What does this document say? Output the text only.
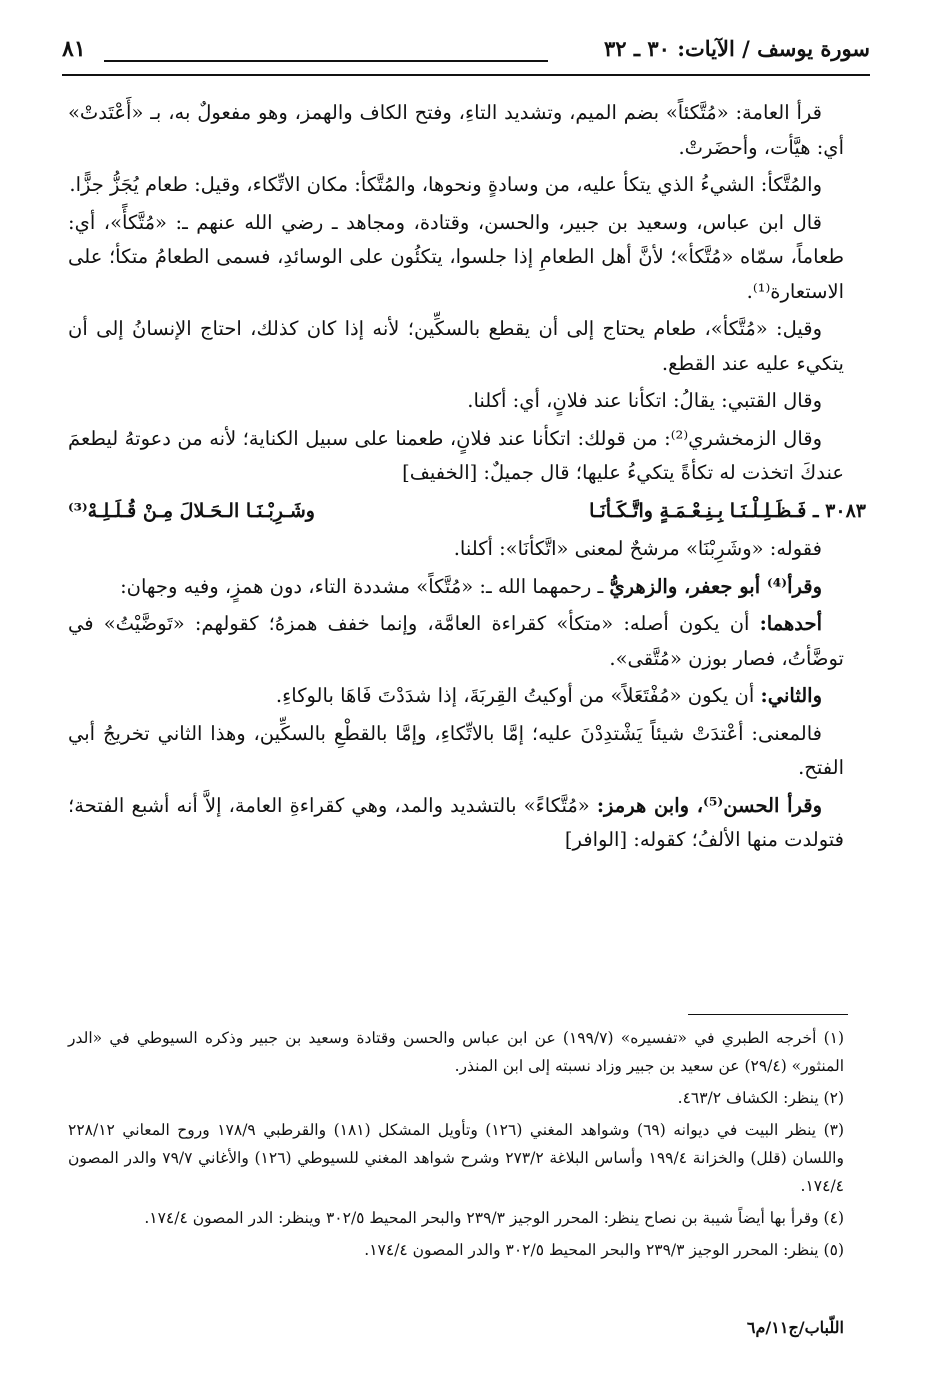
سورة يوسف / الآيات: ٣٠ ـ ٣٢
٨١

قرأ العامة: «مُتَّكئاً» بضم الميم، وتشديد التاءِ، وفتح الكاف والهمز، وهو مفعولٌ به، بـ «أَعْتَدتْ» أي: هيَّأت، وأحضَرتْ.

والمُتَّكأ: الشيءُ الذي يتكأ عليه، من وسادةٍ ونحوها، والمُتَّكأ: مكان الاتِّكاء، وقيل: طعام يُجَزُّ جزًّا.

قال ابن عباس، وسعيد بن جبير، والحسن، وقتادة، ومجاهد ـ رضي الله عنهم ـ: «مُتَّكأً»، أي: طعاماً، سمّاه «مُتَّكأ»؛ لأنَّ أهل الطعامِ إذا جلسوا، يتكئُون على الوسائدِ، فسمى الطعامُ متكأ؛ على الاستعارة⁽¹⁾.

وقيل: «مُتَّكأ»، طعام يحتاج إلى أن يقطع بالسكِّين؛ لأنه إذا كان كذلك، احتاج الإنسانُ إلى أن يتكيء عليه عند القطع.

وقال القتبي: يقالُ: اتكأنا عند فلانٍ، أي: أكلنا.

وقال الزمخشري⁽²⁾: من قولك: اتكأنا عند فلانٍ، طعمنا على سبيل الكناية؛ لأنه من دعوتهُ ليطعمَ عندكَ اتخذت له تكأةً يتكيءُ عليها؛ قال جميلٌ: [الخفيف]

٣٠٨٣ ـ فَـظَـلِـلْـنَـا بِـنِـعْـمَـةٍ واتَّـكَـأنَـا
وشَـرِبْـنَـا الـحَـلالَ مِـنْ قُـلَـلِـهْ⁽³⁾

فقوله: «وشَرِبْنَا» مرشحٌ لمعنى «اتَّكأنَا»: أكلنا.

وقرأ⁽⁴⁾ أبو جعفر، والزهريُّ ـ رحمهما الله ـ: «مُتَّكاً» مشددة التاء، دون همزٍ، وفيه وجهان:

أحدهما: أن يكون أصله: «متكأ» كقراءة العامَّة، وإنما خفف همزهُ؛ كقولهم: «تَوضَّيْتُ» في توضَّأتُ، فصار بوزن «مُتَّقى».

والثاني: أن يكون «مُفْتَعَلاً» من أوكيتُ القِربَةَ، إذا شدَدْتَ فَاهَا بالوكاءِ.

فالمعنى: أعْتدَتْ شيئاً يَشْتدِدْنَ عليه؛ إمَّا بالاتِّكاءِ، وإمَّا بالقطْعِ بالسكِّين، وهذا الثاني تخريجُ أبي الفتح.

وقرأ الحسن⁽⁵⁾، وابن هرمز: «مُتَّكاءً» بالتشديد والمد، وهي كقراءةِ العامة، إلاَّ أنه أشبع الفتحة؛ فتولدت منها الألفُ؛ كقوله: [الوافر]

(١) أخرجه الطبري في «تفسيره» (١٩٩/٧) عن ابن عباس والحسن وقتادة وسعيد بن جبير وذكره السيوطي في «الدر المنثور» (٢٩/٤) عن سعيد بن جبير وزاد نسبته إلى ابن المنذر.
(٢) ينظر: الكشاف ٤٦٣/٢.
(٣) ينظر البيت في ديوانه (٦٩) وشواهد المغني (١٢٦) وتأويل المشكل (١٨١) والقرطبي ١٧٨/٩ وروح المعاني ٢٢٨/١٢ واللسان (قلل) والخزانة ١٩٩/٤ وأساس البلاغة ٢٧٣/٢ وشرح شواهد المغني للسيوطي (١٢٦) والأغاني ٧٩/٧ والدر المصون ١٧٤/٤.
(٤) وقرأ بها أيضاً شيبة بن نصاح ينظر: المحرر الوجيز ٢٣٩/٣ والبحر المحيط ٣٠٢/٥ وينظر: الدر المصون ١٧٤/٤.
(٥) ينظر: المحرر الوجيز ٢٣٩/٣ والبحر المحيط ٣٠٢/٥ والدر المصون ١٧٤/٤.
اللّباب/ج١١/م٦
